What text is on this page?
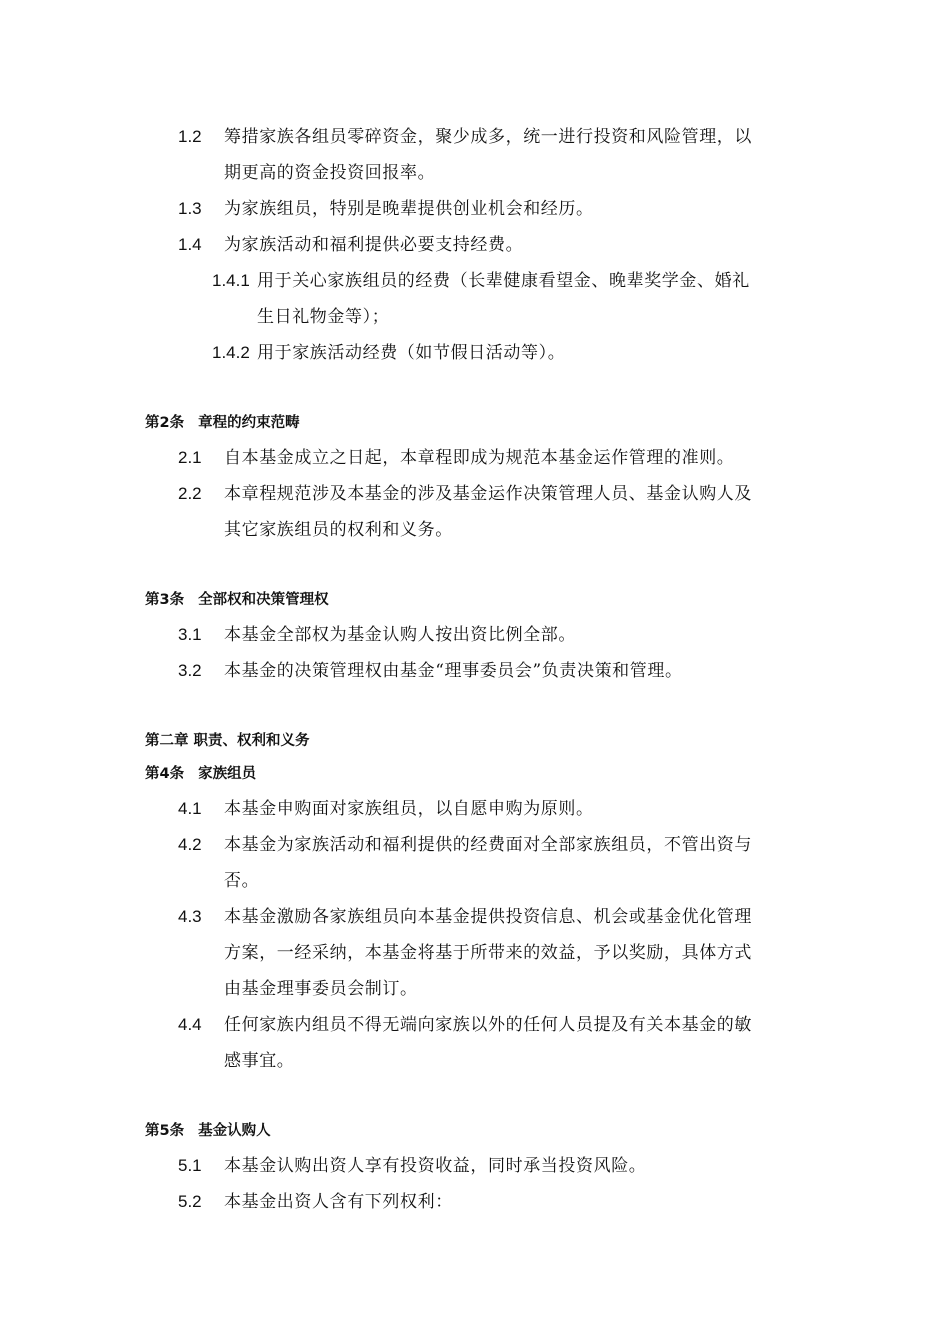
1.2 筹措家族各组员零碎资金，聚少成多，统一进行投资和风险管理，以
期更高的资金投资回报率。
1.3 为家族组员，特别是晚辈提供创业机会和经历。
1.4 为家族活动和福利提供必要支持经费。
1.4.1 用于关心家族组员的经费（长辈健康看望金、晚辈奖学金、婚礼
生日礼物金等）；
1.4.2 用于家族活动经费（如节假日活动等）。
第2条 章程的约束范畴
2.1 自本基金成立之日起，本章程即成为规范本基金运作管理的准则。
2.2 本章程规范涉及本基金的涉及基金运作决策管理人员、基金认购人及
其它家族组员的权利和义务。
第3条 全部权和决策管理权
3.1 本基金全部权为基金认购人按出资比例全部。
3.2 本基金的决策管理权由基金“理事委员会”负责决策和管理。
第二章 职责、权利和义务
第4条 家族组员
4.1 本基金申购面对家族组员，以自愿申购为原则。
4.2 本基金为家族活动和福利提供的经费面对全部家族组员，不管出资与
否。
4.3 本基金激励各家族组员向本基金提供投资信息、机会或基金优化管理
方案，一经采纳，本基金将基于所带来的效益，予以奖励，具体方式
由基金理事委员会制订。
4.4 任何家族内组员不得无端向家族以外的任何人员提及有关本基金的敏
感事宜。
第5条 基金认购人
5.1 本基金认购出资人享有投资收益，同时承当投资风险。
5.2 本基金出资人含有下列权利：
